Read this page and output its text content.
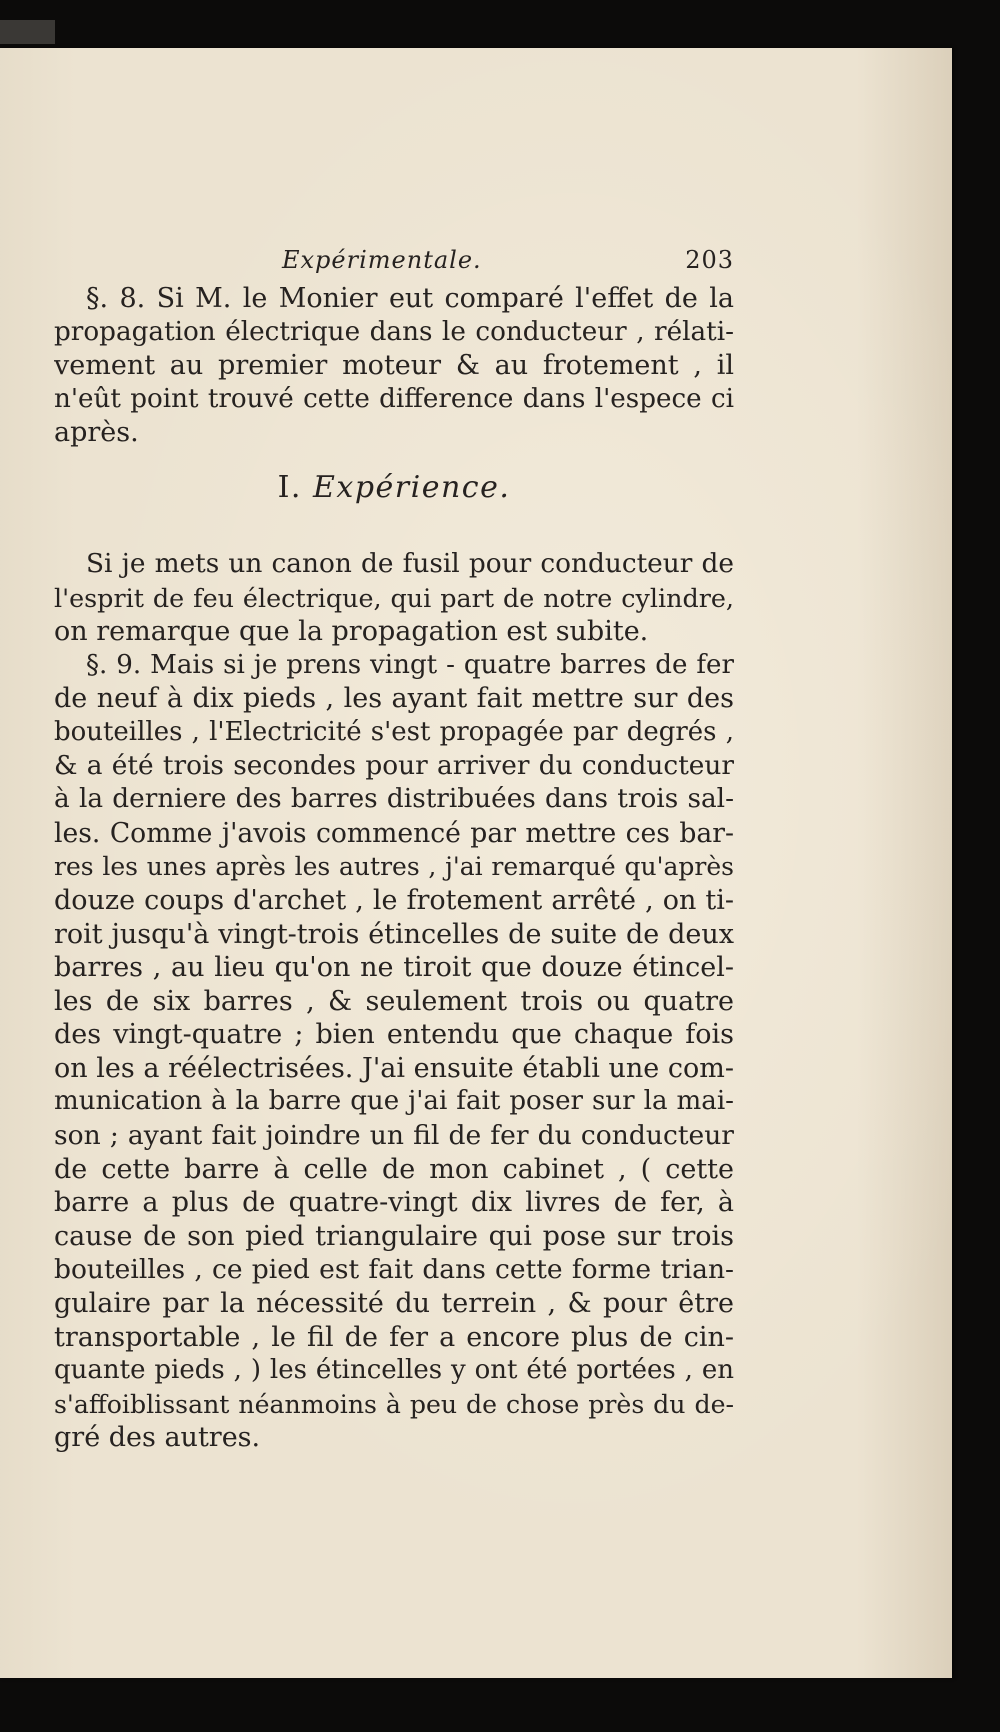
Expérimentale.	203
§. 8. Si M. le Monier eut comparé l'effet de la
propagation électrique dans le conducteur , rélati-
vement au premier moteur & au frotement , il
n'eût point trouvé cette difference dans l'espece ci
après.
I. Expérience.
Si je mets un canon de fusil pour conducteur de
l'esprit de feu électrique, qui part de notre cylindre,
on remarque que la propagation est subite.
§. 9. Mais si je prens vingt - quatre barres de fer
de neuf à dix pieds , les ayant fait mettre sur des
bouteilles , l'Electricité s'est propagée par degrés ,
& a été trois secondes pour arriver du conducteur
à la derniere des barres distribuées dans trois sal-
les. Comme j'avois commencé par mettre ces bar-
res les unes après les autres , j'ai remarqué qu'après
douze coups d'archet , le frotement arrêté , on ti-
roit jusqu'à vingt-trois étincelles de suite de deux
barres , au lieu qu'on ne tiroit que douze étincel-
les de six barres , & seulement trois ou quatre
des vingt-quatre ; bien entendu que chaque fois
on les a réélectrisées. J'ai ensuite établi une com-
munication à la barre que j'ai fait poser sur la mai-
son ; ayant fait joindre un fil de fer du conducteur
de cette barre à celle de mon cabinet , ( cette
barre a plus de quatre-vingt dix livres de fer, à
cause de son pied triangulaire qui pose sur trois
bouteilles , ce pied est fait dans cette forme trian-
gulaire par la nécessité du terrein , & pour être
transportable , le fil de fer a encore plus de cin-
quante pieds , ) les étincelles y ont été portées , en
s'affoiblissant néanmoins à peu de chose près du de-
gré des autres.
